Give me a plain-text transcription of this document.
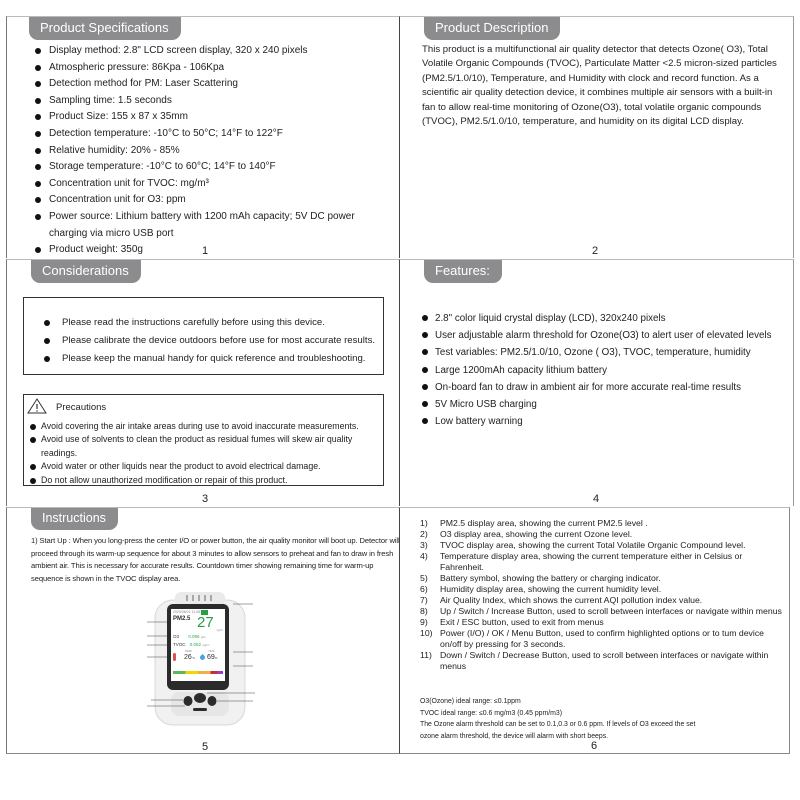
Product Specifications
Display method: 2.8" LCD screen display, 320 x 240 pixels
Atmospheric pressure: 86Kpa - 106Kpa
Detection method for PM: Laser Scattering
Sampling time: 1.5 seconds
Product Size: 155 x 87 x 35mm
Detection temperature: -10°C to 50°C; 14°F to 122°F
Relative humidity: 20% - 85%
Storage temperature: -10°C to 60°C; 14°F to 140°F
Concentration unit for TVOC: mg/m³
Concentration unit for O3: ppm
Power source: Lithium battery with 1200 mAh capacity; 5V DC power charging via micro USB port
Product weight: 350g	1
Product Description

This product is a multifunctional air quality detector that detects Ozone( O3), Total Volatile Organic Compounds (TVOC), Particulate Matter <2.5 micron-sized particles (PM2.5/1.0/10), Temperature, and Humidity with clock and record function. As a scientific air quality detection device, it combines multiple air sensors with a built-in fan to allow real-time monitoring of Ozone(O3), total volatile organic compounds (TVOC), PM2.5/1.0/10, temperature, and humidity on its digital LCD display.

2
Considerations
Please read the instructions carefully before using this device.
Please calibrate the device outdoors before use for most accurate results.
Please keep the manual handy for quick reference and troubleshooting.
Precautions
Avoid covering the air intake areas during use to avoid inaccurate measurements.
Avoid use of solvents to clean the product as residual fumes will skew air quality readings.
Avoid water or other liquids near the product to avoid electrical damage.
Do not allow unauthorized modification or repair of this product.
3
Features:
2.8" color liquid crystal display (LCD), 320x240 pixels
User adjustable alarm threshold for Ozone(O3) to alert user of elevated levels
Test variables: PM2.5/1.0/10, Ozone ( O3), TVOC, temperature, humidity
Large 1200mAh capacity lithium battery
On-board fan to draw in ambient air for more accurate real-time results
5V Micro USB charging
Low battery warning
4
Instructions

1) Start Up : When you long-press the center I/O or power button, the air quality monitor will boot up. Detector will proceed through its warm-up sequence for about 3 minutes to allow sensors to preheat and fan to draw in fresh ambient air. This is necessary for accurate results. Countdown timer showing remaining time for warm-up sequence is shown in the TVOC display area.

2020/06/01 11:08
PM2.5 27	ug/m³
O3 0.096 ppm
TVOC 0.052 mg/m³
TEMP	HUM
26°C 69%
5
1) PM2.5 display area, showing the current PM2.5 level .
2) O3 display area, showing the current Ozone level.
3) TVOC display area, showing the current Total Volatile Organic Compound level.
4) Temperature display area, showing the current temperature either in Celsius or Fahrenheit.
5) Battery symbol, showing the battery or charging indicator.
6) Humidity display area, showing the current humidity level.
7) Air Quality Index, which shows the current AQI pollution index value.
8) Up / Switch / Increase Button, used to scroll between interfaces or navigate within menus
9) Exit / ESC button, used to exit from menus
10) Power (I/O) / OK / Menu Button, used to confirm highlighted options or to tum device on/off by pressing for 3 seconds.
11) Down / Switch / Decrease Button, used to scroll between interfaces or navigate within menus
O3(Ozone) ideal range: ≤0.1ppm
TVOC ideal range: ≤0.6 mg/m3 (0.45 ppm/m3)
The Ozone alarm threshold can be set to 0.1,0.3 or 0.6 ppm. If levels of O3 exceed the set
ozone alarm threshold, the device will alarm with short beeps.
6
